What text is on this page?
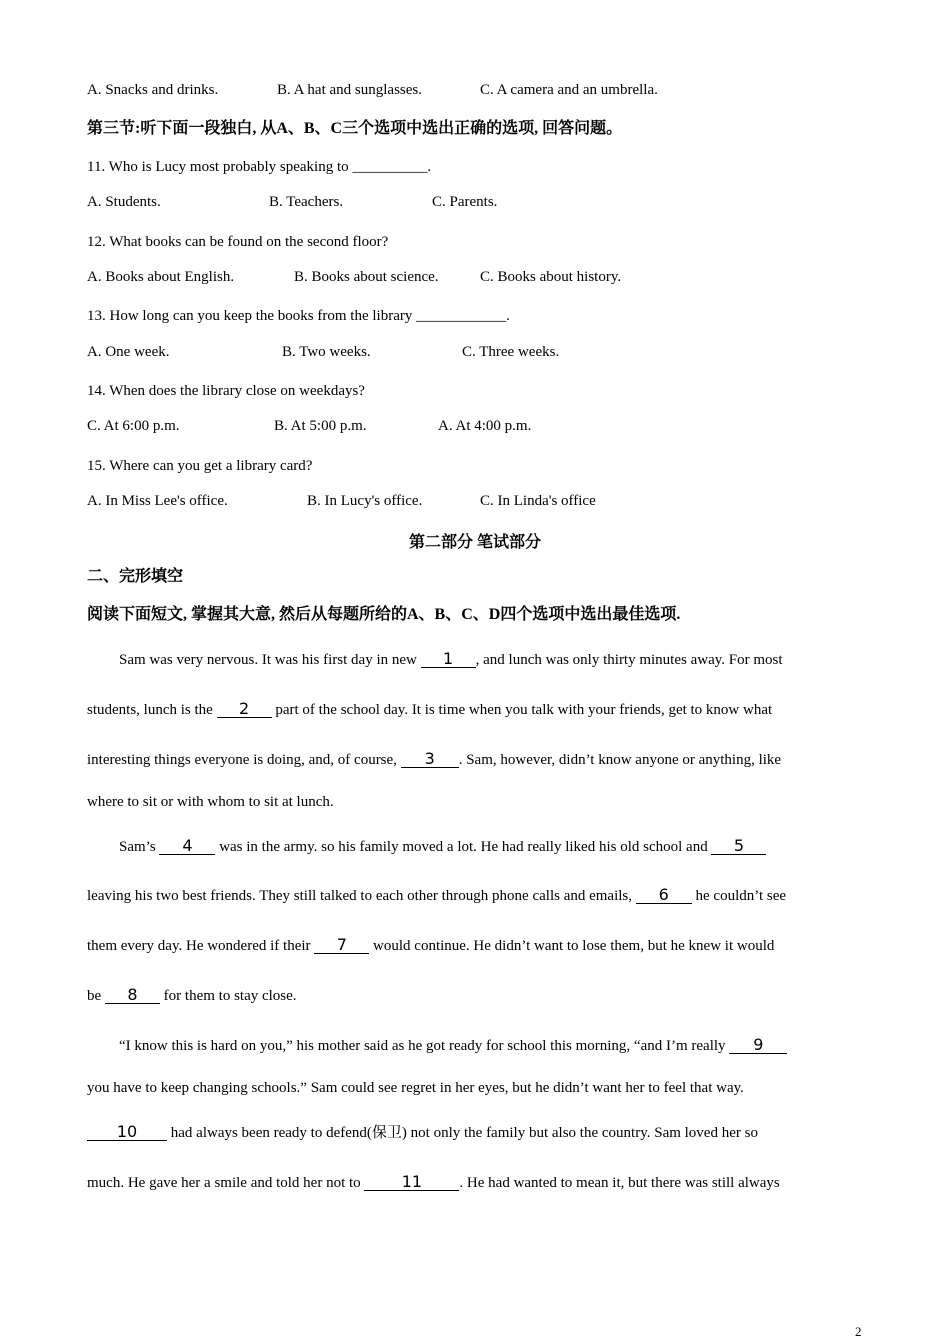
A. Snacks and drinks.	B. A hat and sunglasses.	C. A camera and an umbrella.
第三节:听下面一段独白, 从A、B、C三个选项中选出正确的选项, 回答问题。
11. Who is Lucy most probably speaking to __________.
A. Students.	B. Teachers.	C. Parents.
12. What books can be found on the second floor?
A. Books about English.	B. Books about science.	C. Books about history.
13. How long can you keep the books from the library ____________.
A. One week.	B. Two weeks.	C. Three weeks.
14. When does the library close on weekdays?
C. At 6:00 p.m.	B. At 5:00 p.m.	A. At 4:00 p.m.
15. Where can you get a library card?
A. In Miss Lee's office.	B. In Lucy's office.	C. In Linda's office
第二部分 笔试部分
二、完形填空
阅读下面短文, 掌握其大意, 然后从每题所给的A、B、C、D四个选项中选出最佳选项.
Sam was very nervous. It was his first day in new 1 , and lunch was only thirty minutes away. For most
students, lunch is the 2 part of the school day. It is time when you talk with your friends, get to know what
interesting things everyone is doing, and, of course, 3 . Sam, however, didn’t know anyone or anything, like
where to sit or with whom to sit at lunch.
Sam’s 4 was in the army. so his family moved a lot. He had really liked his old school and 5
leaving his two best friends. They still talked to each other through phone calls and emails, 6 he couldn’t see
them every day. He wondered if their 7 would continue. He didn’t want to lose them, but he knew it would
be 8 for them to stay close.
“I know this is hard on you,” his mother said as he got ready for school this morning, “and I’m really 9
you have to keep changing schools.” Sam could see regret in her eyes, but he didn’t want her to feel that way.
10 had always been ready to defend(保卫) not only the family but also the country. Sam loved her so
much. He gave her a smile and told her not to 11 . He had wanted to mean it, but there was still always
2
